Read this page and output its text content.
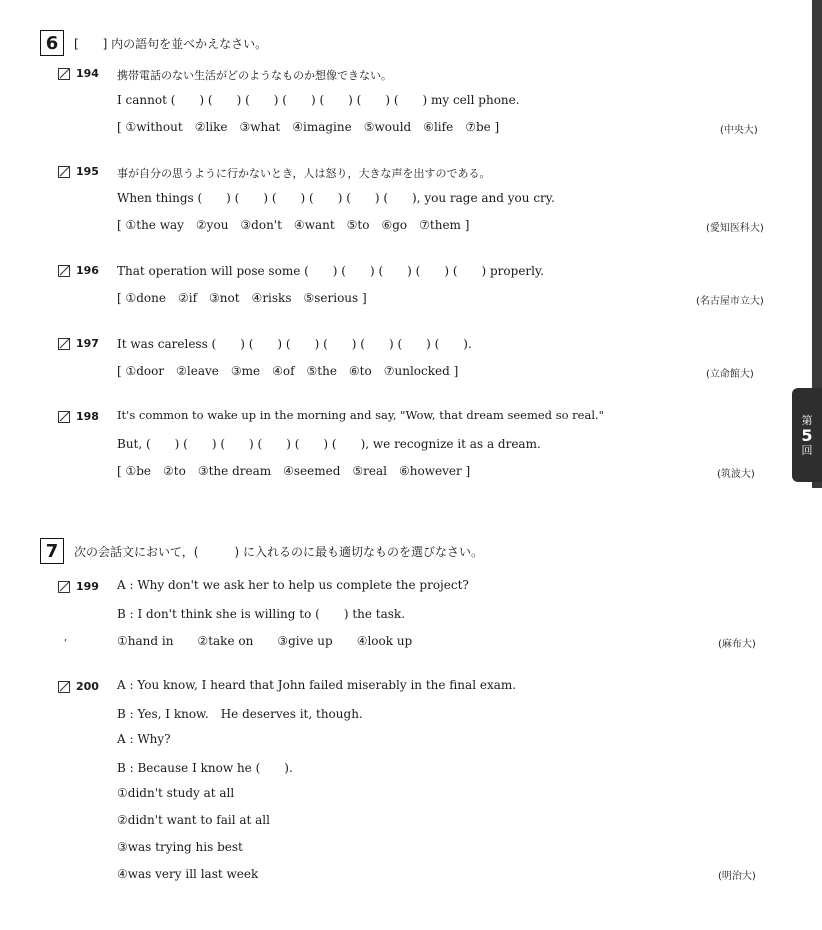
第
5
回
6	[　　] 内の語句を並べかえなさい。
194 携帯電話のない生活がどのようなものか想像できない。
I cannot (　　) (　　) (　　) (　　) (　　) (　　) (　　) my cell phone.
[ ①without　②like　③what　④imagine　⑤would　⑥life　⑦be ]	(中央大)
195 事が自分の思うように行かないとき，人は怒り，大きな声を出すのである。
When things (　　) (　　) (　　) (　　) (　　) (　　), you rage and you cry.
[ ①the way　②you　③don't　④want　⑤to　⑥go　⑦them ]	(愛知医科大)
196 That operation will pose some (　　) (　　) (　　) (　　) (　　) properly.
[ ①done　②if　③not　④risks　⑤serious ]	(名古屋市立大)
197 It was careless (　　) (　　) (　　) (　　) (　　) (　　) (　　).
[ ①door　②leave　③me　④of　⑤the　⑥to　⑦unlocked ]	(立命館大)
198 It's common to wake up in the morning and say, "Wow, that dream seemed so real."
But, (　　) (　　) (　　) (　　) (　　) (　　), we recognize it as a dream.
[ ①be　②to　③the dream　④seemed　⑤real　⑥however ]	(筑波大)
7	次の会話文において，(　　　) に入れるのに最も適切なものを選びなさい。
199 A : Why don't we ask her to help us complete the project?
B : I don't think she is willing to (　　) the task.
①hand in　　②take on　　③give up　　④look up
,
(麻布大)
200 A : You know, I heard that John failed miserably in the final exam.
B : Yes, I know.　He deserves it, though.
A : Why?
B : Because I know he (　　).
①didn't study at all
②didn't want to fail at all
③was trying his best
④was very ill last week	(明治大)
